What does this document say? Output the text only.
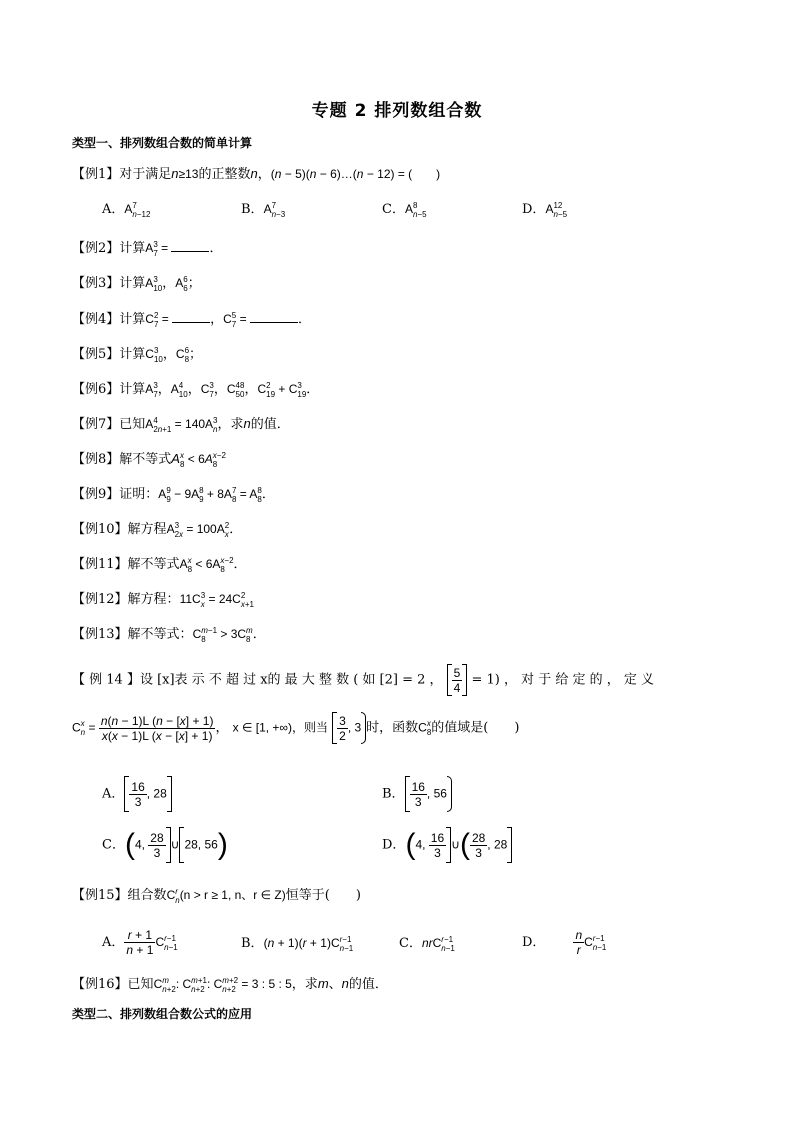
专题 2 排列数组合数
类型一、排列数组合数的简单计算
【例1】对于满足n≥13的正整数n，(n − 5)(n − 6)…(n − 12) = (　　)
A．A 7
n−12	B．A 7
n−3	C．A 8
n−5	D．A 12
n−5
【例2】计算A 3
7 =	．
【例3】计算A 3
10 ，A 6
6 ；
【例4】计算C 2
7 =	，C 5
7 =	．
【例5】计算C 3
10 ，C 6
8 ；
【例6】计算A 3
7 ，A 4
10 ，C 3
7 ，C 48
50 ，C 2
19 + C 3
19 ．
【例7】已知A 4
2n+1 = 140A 3
n ，求n的值．
【例8】解不等式A x
8 < 6A x−2
8
【例9】证明：A 9
9 − 9A 8
9 + 8A 7
8 = A 8
8 ．
【例10】解方程A 3
2x = 100A 2
x ．
【例11】解不等式A x
8 < 6A x−2
8 ．
【例12】解方程：11C 3
x = 24C 2
x+1
【例13】解不等式：C m−1
8 > 3C m
8 ．
【 例 14 】设 [x]表 示 不 超 过 x的 最 大 整 数 ( 如 [2] = 2 ， $\frac{5}{4} = 1$) ， 对 于 给 定 的 ， 定 义
C x
$n = \frac{n(n - 1)L (n - [x] + 1)}{x(x - 1)L (x - [x] + 1)}$ ， x ∈ [1, +∞)，则当 $\frac{3}{2}$ , 3 时，函数C x
8 的值域是(　　)
A． $\frac{16}{3}$ , 28	B． $\frac{16}{3}$ , 56
C．(4, $\frac{28}{3}$ ∪ 28, 56)	D．(4, $\frac{16}{3}$ ∪( $\frac{28}{3}$ , 28
【例15】组合数C r
n (n > r ≥ 1, n、r ∈ Z)恒等于(　　)
A． $\frac{r + 1}{n + 1}$ C r−1
n−1	B．(n + 1)(r + 1)C r−1
n−1	C．nrC r−1
n−1	D． $\frac{n}{r}$ C r−1
n−1
【例16】已知C m
n+2 : C m+1
n+2 : C m+2
n+2 = 3 : 5 : 5，求m、n的值．
类型二、排列数组合数公式的应用
